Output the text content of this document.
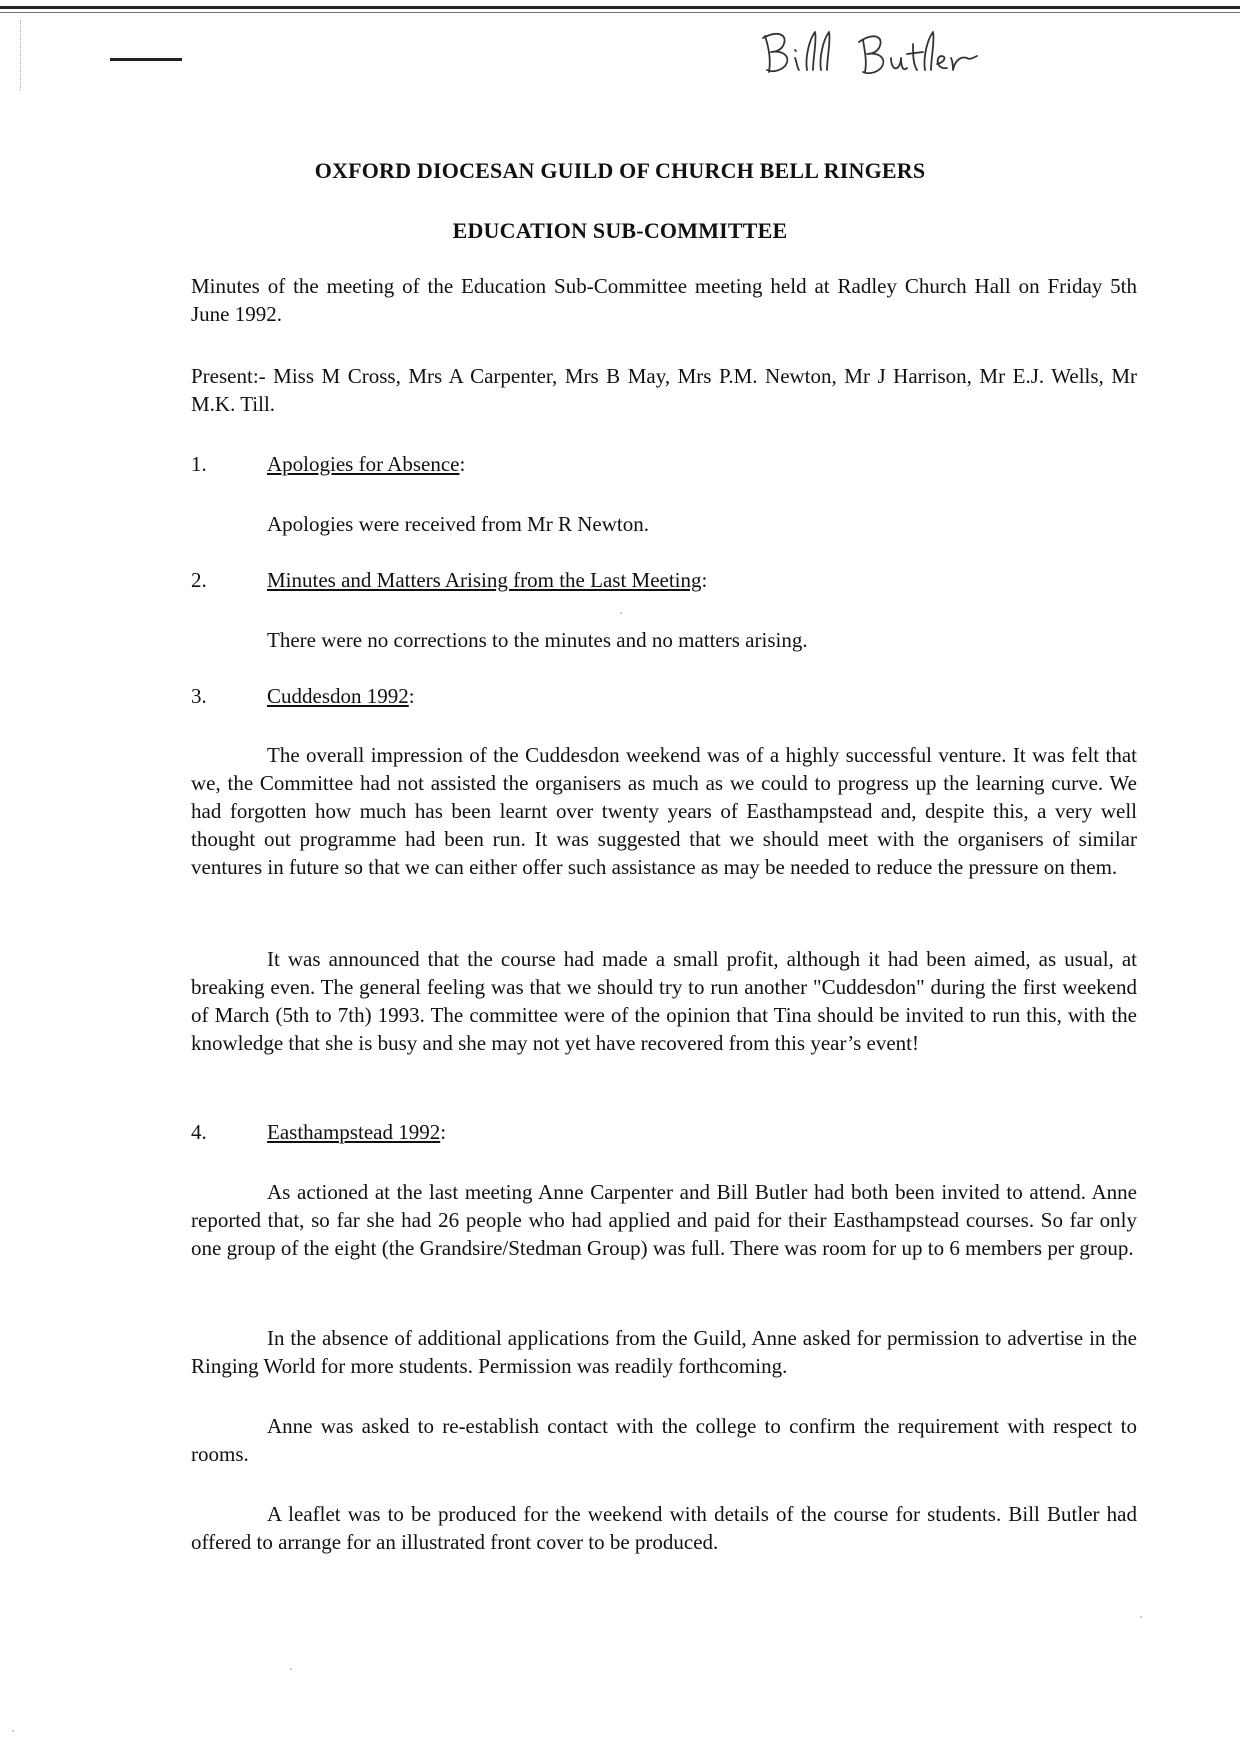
OXFORD DIOCESAN GUILD OF CHURCH BELL RINGERS
EDUCATION SUB-COMMITTEE
Minutes of the meeting of the Education Sub-Committee meeting held at Radley Church Hall on Friday 5th June 1992.
Present:- Miss M Cross, Mrs A Carpenter, Mrs B May, Mrs P.M. Newton, Mr J Harrison, Mr E.J. Wells, Mr M.K. Till.
1.	Apologies for Absence:
Apologies were received from Mr R Newton.
2.	Minutes and Matters Arising from the Last Meeting:
There were no corrections to the minutes and no matters arising.
3.	Cuddesdon 1992:
The overall impression of the Cuddesdon weekend was of a highly successful venture. It was felt that we, the Committee had not assisted the organisers as much as we could to progress up the learning curve. We had forgotten how much has been learnt over twenty years of Easthampstead and, despite this, a very well thought out programme had been run. It was suggested that we should meet with the organisers of similar ventures in future so that we can either offer such assistance as may be needed to reduce the pressure on them.
It was announced that the course had made a small profit, although it had been aimed, as usual, at breaking even. The general feeling was that we should try to run another "Cuddesdon" during the first weekend of March (5th to 7th) 1993. The committee were of the opinion that Tina should be invited to run this, with the knowledge that she is busy and she may not yet have recovered from this year’s event!
4.	Easthampstead 1992:
As actioned at the last meeting Anne Carpenter and Bill Butler had both been invited to attend. Anne reported that, so far she had 26 people who had applied and paid for their Easthampstead courses. So far only one group of the eight (the Grandsire/Stedman Group) was full. There was room for up to 6 members per group.
In the absence of additional applications from the Guild, Anne asked for permission to advertise in the Ringing World for more students. Permission was readily forthcoming.
Anne was asked to re-establish contact with the college to confirm the requirement with respect to rooms.
A leaflet was to be produced for the weekend with details of the course for students. Bill Butler had offered to arrange for an illustrated front cover to be produced.
